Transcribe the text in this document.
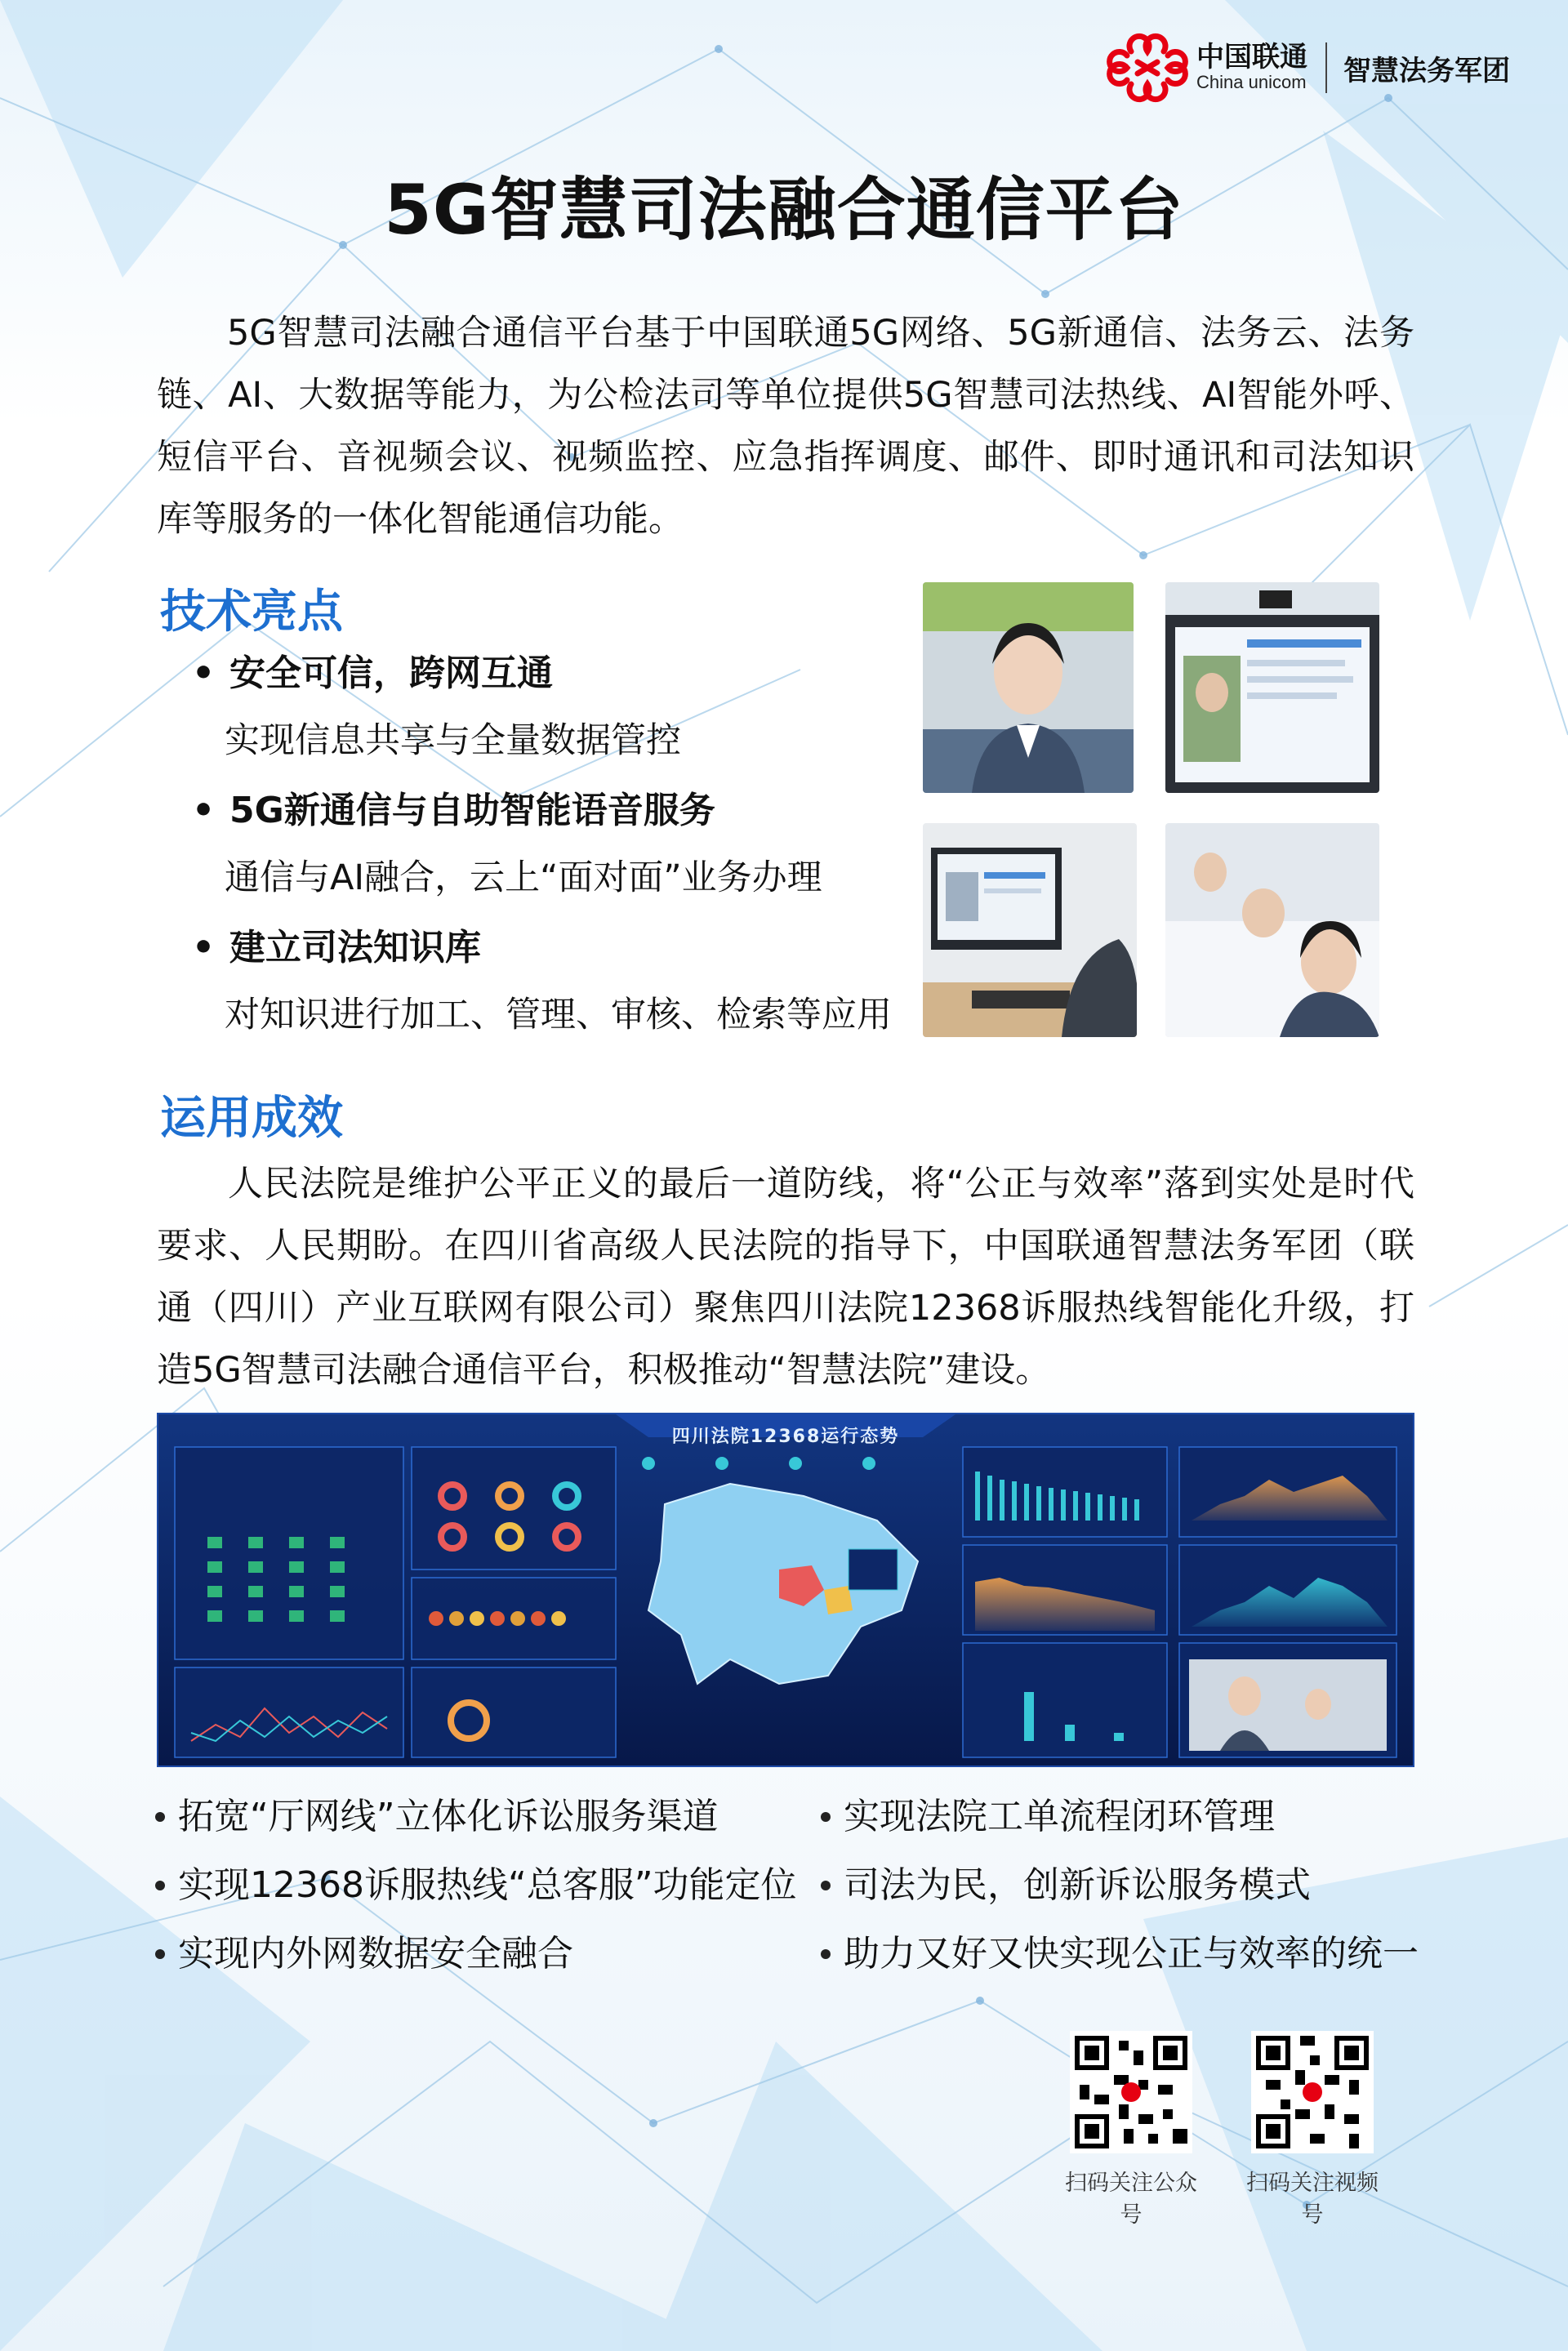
中国联通
China unicom 智慧法务军团
5G智慧司法融合通信平台
5G智慧司法融合通信平台基于中国联通5G网络、5G新通信、法务云、法务链、AI、大数据等能力，为公检法司等单位提供5G智慧司法热线、AI智能外呼、短信平台、音视频会议、视频监控、应急指挥调度、邮件、即时通讯和司法知识库等服务的一体化智能通信功能。
技术亮点
• 安全可信，跨网互通
实现信息共享与全量数据管控
• 5G新通信与自助智能语音服务
通信与AI融合，云上“面对面”业务办理
• 建立司法知识库
对知识进行加工、管理、审核、检索等应用
运用成效
人民法院是维护公平正义的最后一道防线，将“公正与效率”落到实处是时代要求、人民期盼。在四川省高级人民法院的指导下，中国联通智慧法务军团（联通（四川）产业互联网有限公司）聚焦四川法院12368诉服热线智能化升级，打造5G智慧司法融合通信平台，积极推动“智慧法院”建设。
四川法院12368运行态势
拓宽“厅网线”立体化诉讼服务渠道
实现12368诉服热线“总客服”功能定位
实现内外网数据安全融合
实现法院工单流程闭环管理
司法为民，创新诉讼服务模式
助力又好又快实现公正与效率的统一
扫码关注公众号
扫码关注视频号
